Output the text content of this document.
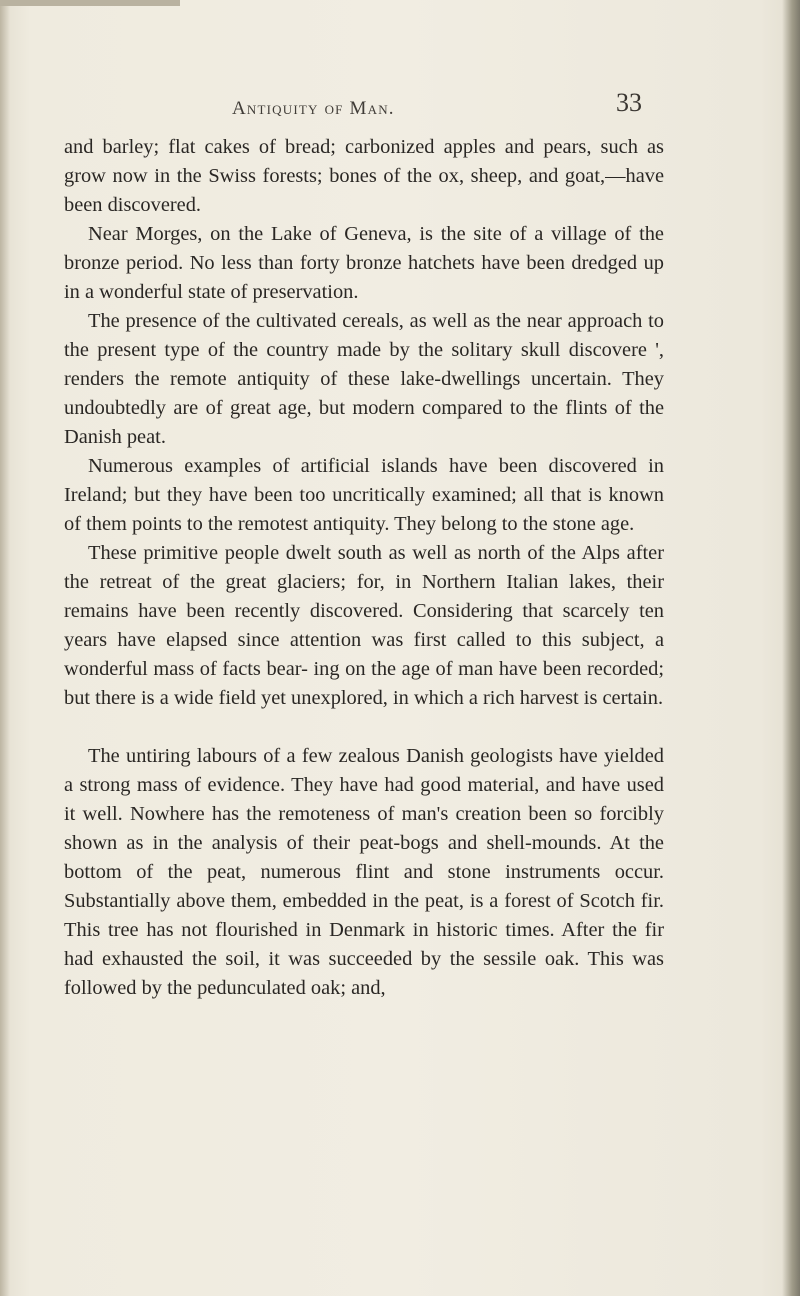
Antiquity of Man.	33

and barley; flat cakes of bread; carbonized apples and pears, such as grow now in the Swiss forests; bones of the ox, sheep, and goat,—have been discovered.

Near Morges, on the Lake of Geneva, is the site of a village of the bronze period. No less than forty bronze hatchets have been dredged up in a wonderful state of preservation.

The presence of the cultivated cereals, as well as the near approach to the present type of the country made by the solitary skull discovere ', renders the remote antiquity of these lake-dwellings uncertain. They undoubtedly are of great age, but modern compared to the flints of the Danish peat.

Numerous examples of artificial islands have been discovered in Ireland; but they have been too uncritically examined; all that is known of them points to the remotest antiquity. They belong to the stone age.

These primitive people dwelt south as well as north of the Alps after the retreat of the great glaciers; for, in Northern Italian lakes, their remains have been recently discovered. Considering that scarcely ten years have elapsed since attention was first called to this subject, a wonderful mass of facts bear- ing on the age of man have been recorded; but there is a wide field yet unexplored, in which a rich harvest is certain.

The untiring labours of a few zealous Danish geologists have yielded a strong mass of evidence. They have had good material, and have used it well. Nowhere has the remoteness of man's creation been so forcibly shown as in the analysis of their peat-bogs and shell-mounds. At the bottom of the peat, numerous flint and stone instruments occur. Substantially above them, embedded in the peat, is a forest of Scotch fir. This tree has not flourished in Denmark in historic times. After the fir had exhausted the soil, it was succeeded by the sessile oak. This was followed by the pedunculated oak; and,
